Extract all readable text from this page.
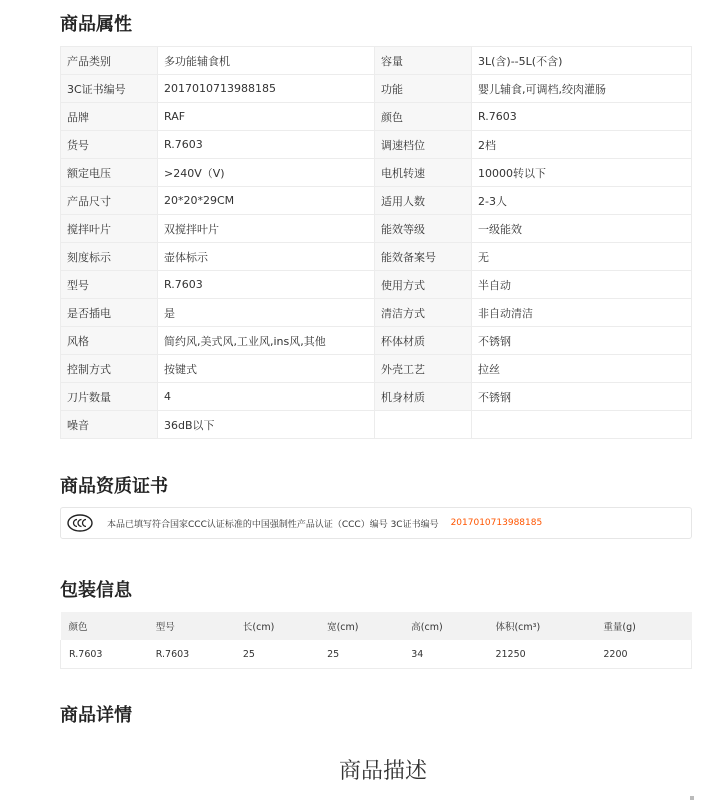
商品属性
产品类别	多功能辅食机	容量	3L(含)--5L(不含)
3C证书编号	2017010713988185	功能	婴儿辅食,可调档,绞肉灌肠
品牌	RAF	颜色	R.7603
货号	R.7603	调速档位	2档
额定电压	>240V（V)	电机转速	10000转以下
产品尺寸	20*20*29CM	适用人数	2-3人
搅拌叶片	双搅拌叶片	能效等级	一级能效
刻度标示	壶体标示	能效备案号	无
型号	R.7603	使用方式	半自动
是否插电	是	清洁方式	非自动清洁
风格	简约风,美式风,工业风,ins风,其他	杯体材质	不锈钢
控制方式	按键式	外壳工艺	拉丝
刀片数量	4	机身材质	不锈钢
噪音	36dB以下		
商品资质证书
本品已填写符合国家CCC认证标准的中国强制性产品认证（CCC）编号 3C证书编号 2017010713988185
包装信息
颜色	型号	长(cm)	宽(cm)	高(cm)	体积(cm³)	重量(g)
R.7603	R.7603	25	25	34	21250	2200
商品详情
商品描述
